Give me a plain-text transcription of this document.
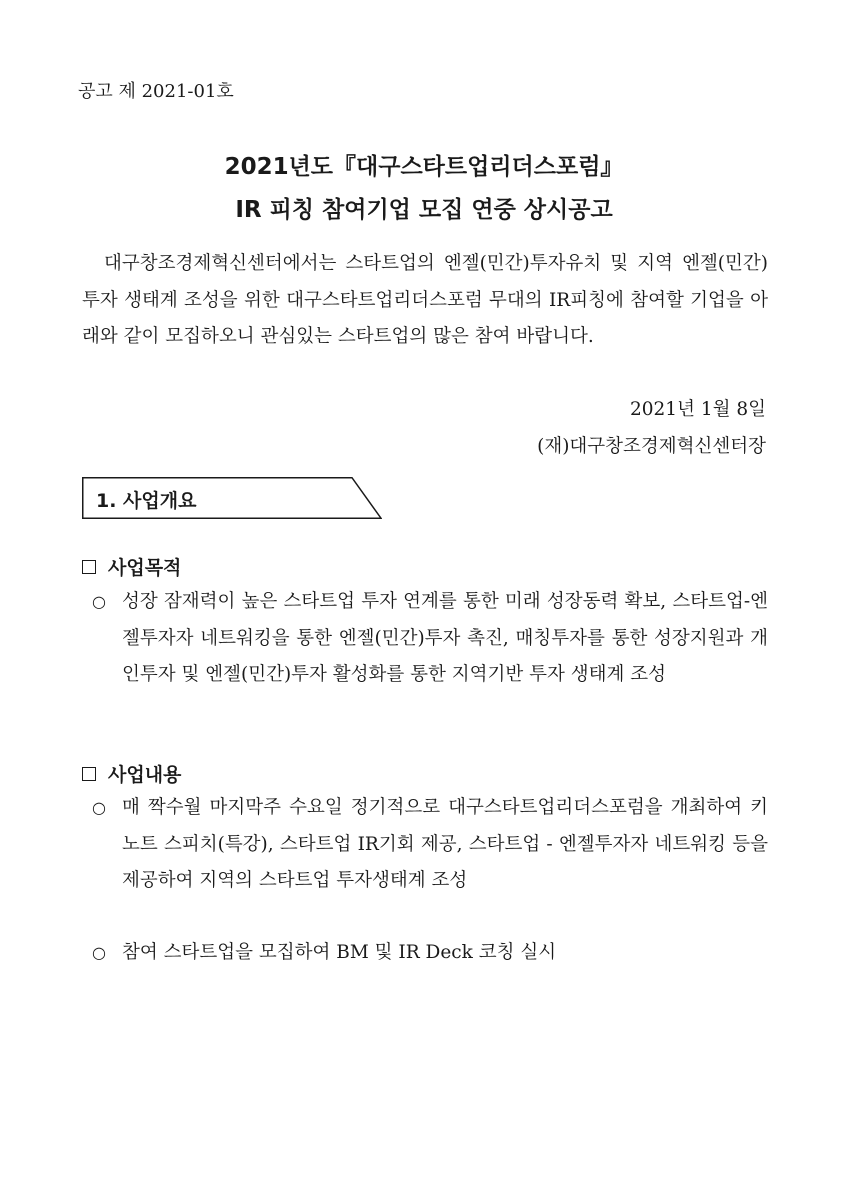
공고 제 2021-01호
2021년도『대구스타트업리더스포럼』
IR 피칭 참여기업 모집 연중 상시공고

대구창조경제혁신센터에서는 스타트업의 엔젤(민간)투자유치 및 지역 엔젤(민간)투자 생태계 조성을 위한 대구스타트업리더스포럼 무대의 IR피칭에 참여할 기업을 아래와 같이 모집하오니 관심있는 스타트업의 많은 참여 바랍니다.

2021년 1월 8일
(재)대구창조경제혁신센터장
1. 사업개요
사업목적
○ 성장 잠재력이 높은 스타트업 투자 연계를 통한 미래 성장동력 확보, 스타트업-엔젤투자자 네트워킹을 통한 엔젤(민간)투자 촉진, 매칭투자를 통한 성장지원과 개인투자 및 엔젤(민간)투자 활성화를 통한 지역기반 투자 생태계 조성
사업내용
○ 매 짝수월 마지막주 수요일 정기적으로 대구스타트업리더스포럼을 개최하여 키노트 스피치(특강), 스타트업 IR기회 제공, 스타트업 - 엔젤투자자 네트워킹 등을 제공하여 지역의 스타트업 투자생태계 조성
○ 참여 스타트업을 모집하여 BM 및 IR Deck 코칭 실시
